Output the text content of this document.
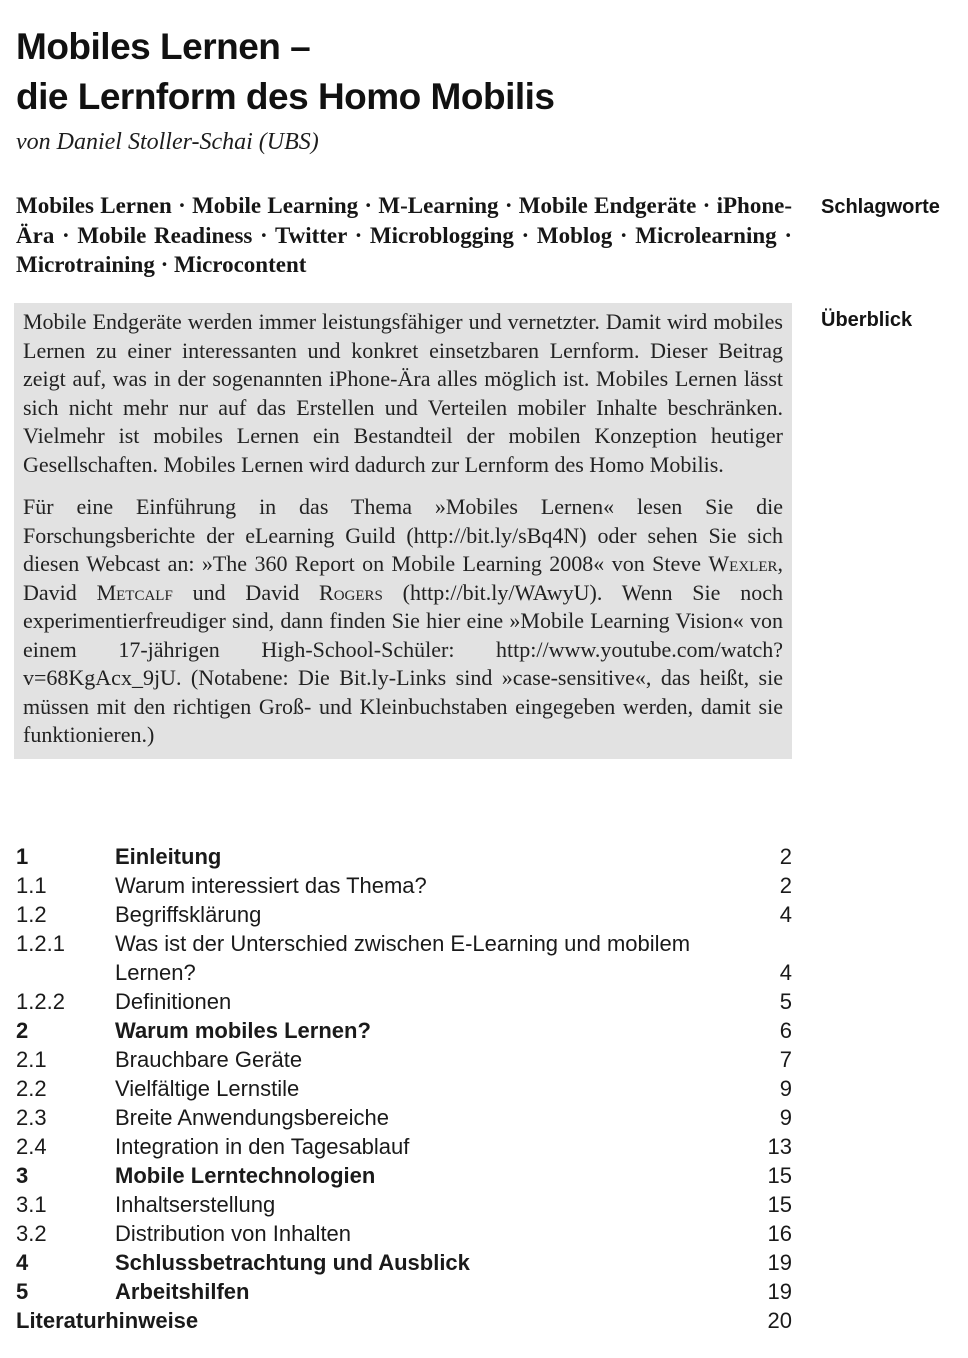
Mobiles Lernen –
die Lernform des Homo Mobilis
von Daniel Stoller-Schai (UBS)
Mobiles Lernen · Mobile Learning · M-Learning · Mobile Endgeräte · iPhone-Ära · Mobile Readiness · Twitter · Microblogging · Moblog · Microlearning · Microtraining · Microcontent
Schlagworte
Überblick

Mobile Endgeräte werden immer leistungsfähiger und vernetzter. Damit wird mobiles Lernen zu einer interessanten und konkret einsetzbaren Lernform. Dieser Beitrag zeigt auf, was in der sogenannten iPhone-Ära alles möglich ist. Mobiles Lernen lässt sich nicht mehr nur auf das Erstellen und Verteilen mobiler Inhalte beschränken. Vielmehr ist mobiles Lernen ein Bestandteil der mobilen Konzeption heutiger Gesellschaften. Mobiles Lernen wird dadurch zur Lernform des Homo Mobilis.

Für eine Einführung in das Thema »Mobiles Lernen« lesen Sie die Forschungsberichte der eLearning Guild (http://bit.ly/sBq4N) oder sehen Sie sich diesen Webcast an: »The 360 Report on Mobile Learning 2008« von Steve Wexler, David Metcalf und David Rogers (http://bit.ly/WAwyU). Wenn Sie noch experimentierfreudiger sind, dann finden Sie hier eine »Mobile Learning Vision« von einem 17-jährigen High-School-Schüler: http://www.youtube.com/watch?v=68KgAcx_9jU. (Notabene: Die Bit.ly-Links sind »case-sensitive«, das heißt, sie müssen mit den richtigen Groß- und Kleinbuchstaben eingegeben werden, damit sie funktionieren.)

1	Einleitung	2
1.1	Warum interessiert das Thema?	2
1.2	Begriffsklärung	4
1.2.1	Was ist der Unterschied zwischen E-Learning und mobilem Lernen?	4
1.2.2	Definitionen	5
2	Warum mobiles Lernen?	6
2.1	Brauchbare Geräte	7
2.2	Vielfältige Lernstile	9
2.3	Breite Anwendungsbereiche	9
2.4	Integration in den Tagesablauf	13
3	Mobile Lerntechnologien	15
3.1	Inhaltserstellung	15
3.2	Distribution von Inhalten	16
4	Schlussbetrachtung und Ausblick	19
5	Arbeitshilfen	19
Literaturhinweise	20
